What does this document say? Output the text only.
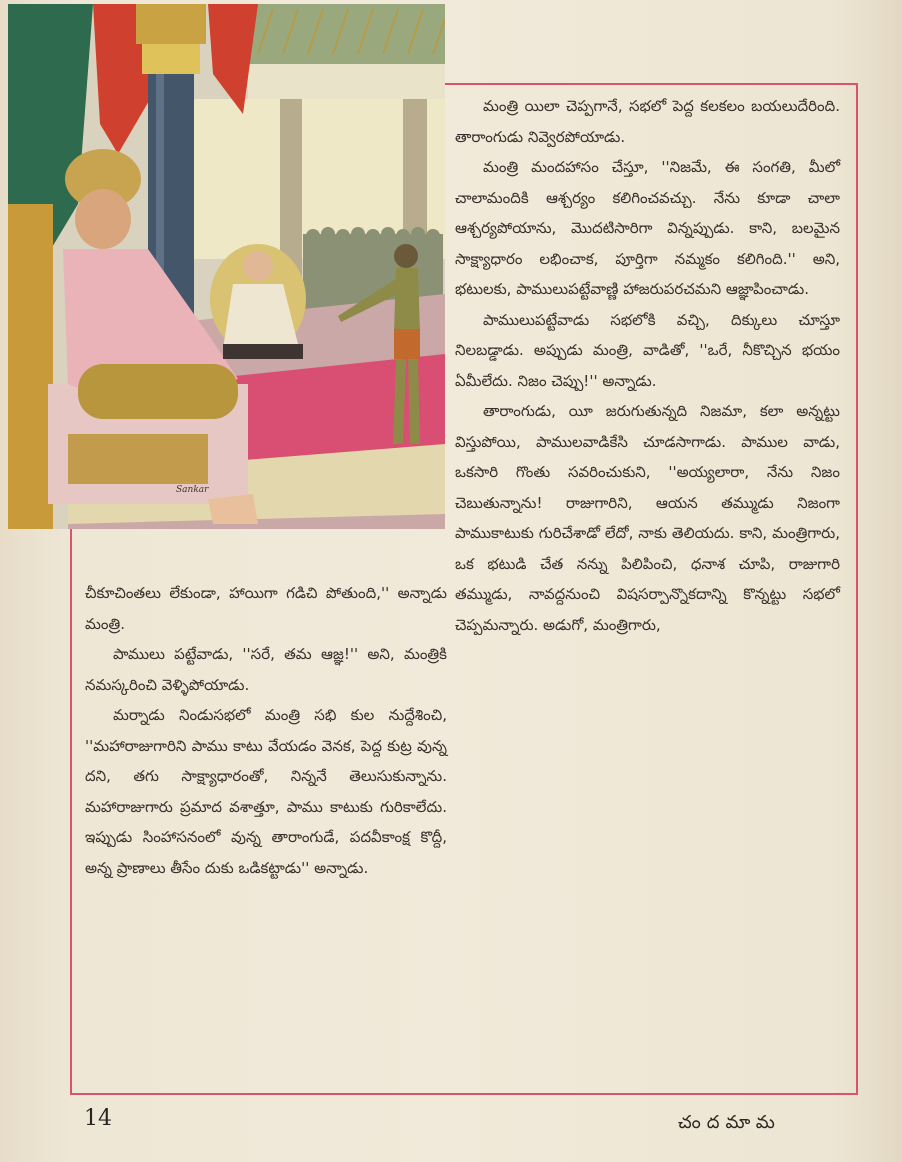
Sankar

మంత్రి యిలా చెప్పగానే, సభలో పెద్ద కలకలం బయలుదేరింది. తారాంగుడు నివ్వెరపోయాడు.

మంత్రి మందహాసం చేస్తూ, ''నిజమే, ఈ సంగతి, మీలో చాలామందికి ఆశ్చర్యం కలిగించవచ్చు. నేను కూడా చాలా ఆశ్చర్యపోయాను, మొదటిసారిగా విన్నప్పుడు. కాని, బలమైన సాక్ష్యాధారం లభించాక, పూర్తిగా నమ్మకం కలిగింది.'' అని, భటులకు, పాములుపట్టేవాణ్ణి హాజరుపరచమని ఆజ్ఞాపించాడు.

పాములుపట్టేవాడు సభలోకి వచ్చి, దిక్కులు చూస్తూ నిలబడ్డాడు. అప్పుడు మంత్రి, వాడితో, ''ఒరే, నీకొచ్చిన భయం ఏమీలేదు. నిజం చెప్పు!'' అన్నాడు.

తారాంగుడు, యీ జరుగుతున్నది నిజమా, కలా అన్నట్టు విస్తుపోయి, పాములవాడికేసి చూడసాగాడు. పాముల వాడు, ఒకసారి గొంతు సవరించుకుని, ''అయ్యలారా, నేను నిజం చెబుతున్నాను! రాజుగారిని, ఆయన తమ్ముడు నిజంగా పాముకాటుకు గురిచేశాడో లేదో, నాకు తెలియదు. కాని, మంత్రిగారు, ఒక భటుడి చేత నన్ను పిలిపించి, ధనాశ చూపి, రాజుగారి తమ్ముడు, నావద్దనుంచి విషసర్పాన్నొకదాన్ని కొన్నట్టు సభలో చెప్పమన్నారు. అడుగో, మంత్రిగారు,

చీకూచింతలు లేకుండా, హాయిగా గడిచి పోతుంది,'' అన్నాడు మంత్రి.

పాములు పట్టేవాడు, ''సరే, తమ ఆజ్ఞ!'' అని, మంత్రికి నమస్కరించి వెళ్ళిపోయాడు.

మర్నాడు నిండుసభలో మంత్రి సభి కుల నుద్దేశించి, ''మహారాజుగారిని పాము కాటు వేయడం వెనక, పెద్ద కుట్ర వున్న దని, తగు సాక్ష్యాధారంతో, నిన్ననే తెలుసుకున్నాను. మహారాజుగారు ప్రమాద వశాత్తూ, పాము కాటుకు గురికాలేదు. ఇప్పుడు సింహాసనంలో వున్న తారాంగుడే, పదవీకాంక్ష కొద్దీ, అన్న ప్రాణాలు తీసేం దుకు ఒడికట్టాడు'' అన్నాడు.

14	చందమామ
